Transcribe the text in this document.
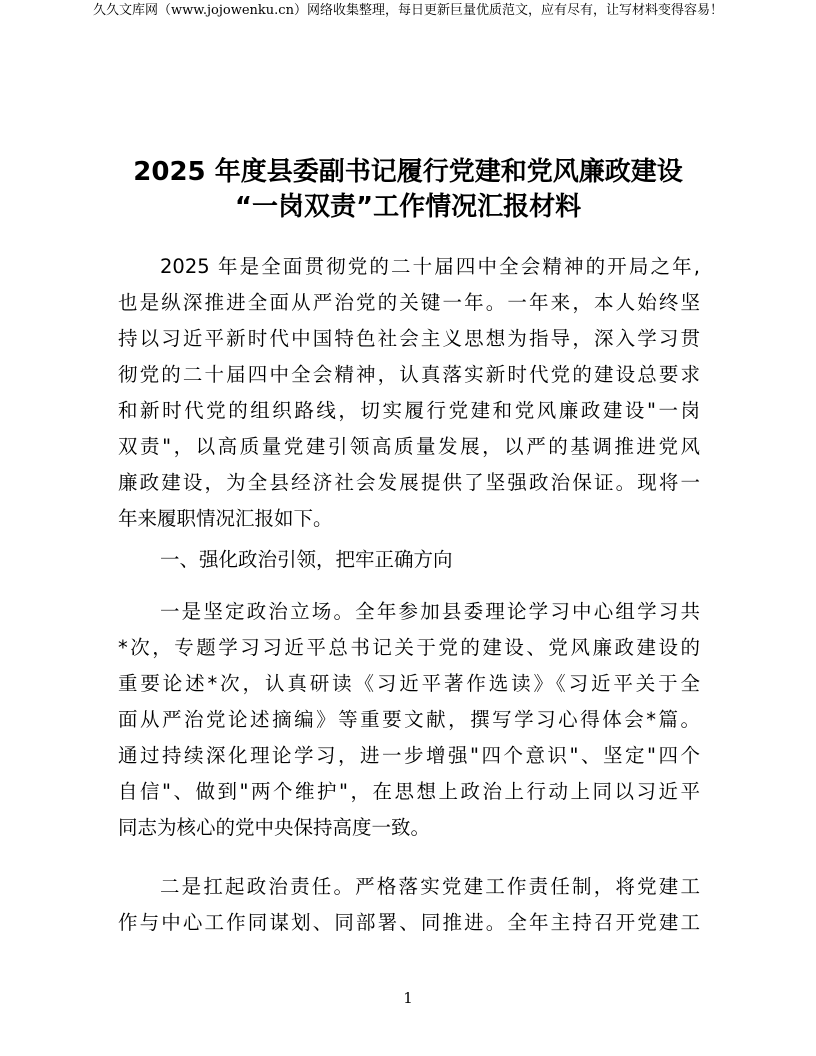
久久文库网（www.jojowenku.cn）网络收集整理，每日更新巨量优质范文，应有尽有，让写材料变得容易！
2025 年度县委副书记履行党建和党风廉政建设
“一岗双责”工作情况汇报材料
2025 年是全面贯彻党的二十届四中全会精神的开局之年,
也是纵深推进全面从严治党的关键一年。一年来，本人始终坚
持以习近平新时代中国特色社会主义思想为指导，深入学习贯
彻党的二十届四中全会精神，认真落实新时代党的建设总要求
和新时代党的组织路线，切实履行党建和党风廉政建设"一岗
双责"，以高质量党建引领高质量发展，以严的基调推进党风
廉政建设，为全县经济社会发展提供了坚强政治保证。现将一
年来履职情况汇报如下。
一、强化政治引领，把牢正确方向
一是坚定政治立场。全年参加县委理论学习中心组学习共
*次，专题学习习近平总书记关于党的建设、党风廉政建设的
重要论述*次，认真研读《习近平著作选读》《习近平关于全
面从严治党论述摘编》等重要文献，撰写学习心得体会*篇。
通过持续深化理论学习，进一步增强"四个意识"、坚定"四个
自信"、做到"两个维护"，在思想上政治上行动上同以习近平
同志为核心的党中央保持高度一致。
二是扛起政治责任。严格落实党建工作责任制，将党建工
作与中心工作同谋划、同部署、同推进。全年主持召开党建工
1
